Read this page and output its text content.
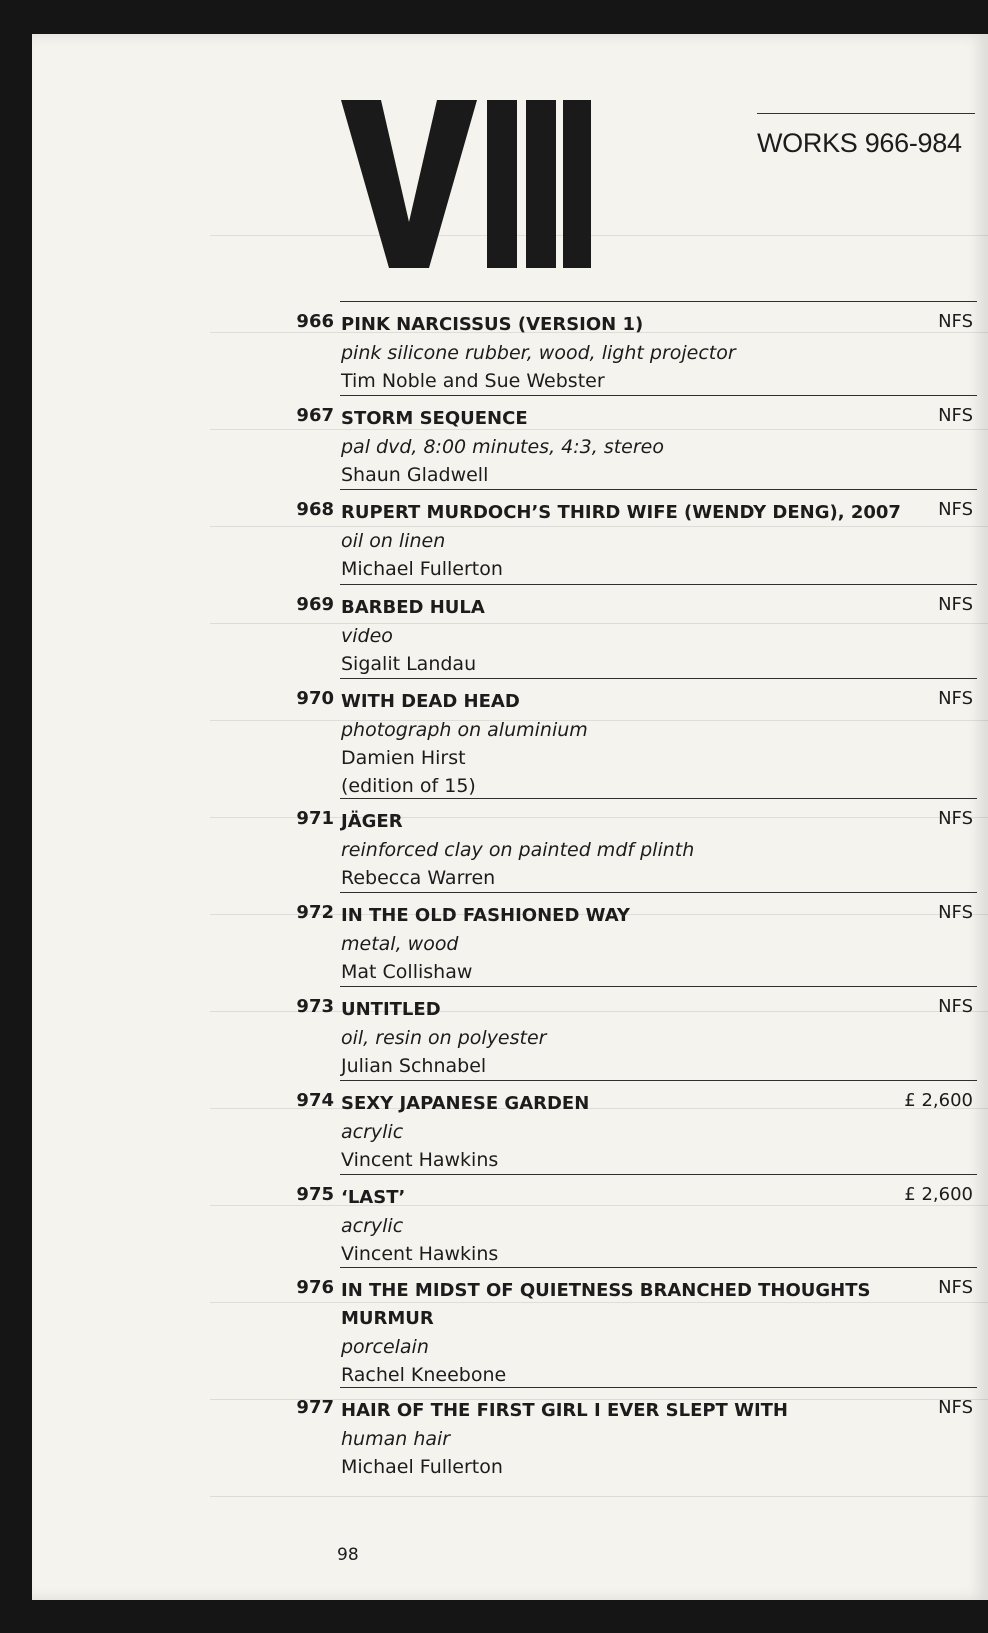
WORKS 966-984
966 PINK NARCISSUS (VERSION 1)
pink silicone rubber, wood, light projector
Tim Noble and Sue Webster
NFS
967 STORM SEQUENCE
pal dvd, 8:00 minutes, 4:3, stereo
Shaun Gladwell
NFS
968 RUPERT MURDOCH’S THIRD WIFE (WENDY DENG), 2007
oil on linen
Michael Fullerton
NFS
969 BARBED HULA
video
Sigalit Landau
NFS
970 WITH DEAD HEAD
photograph on aluminium
Damien Hirst
(edition of 15)
NFS
971 JÄGER
reinforced clay on painted mdf plinth
Rebecca Warren
NFS
972 IN THE OLD FASHIONED WAY
metal, wood
Mat Collishaw
NFS
973 UNTITLED
oil, resin on polyester
Julian Schnabel
NFS
974 SEXY JAPANESE GARDEN
acrylic
Vincent Hawkins
£ 2,600
975 ‘LAST’
acrylic
Vincent Hawkins
£ 2,600
976 IN THE MIDST OF QUIETNESS BRANCHED THOUGHTS MURMUR
porcelain
Rachel Kneebone
NFS
977 HAIR OF THE FIRST GIRL I EVER SLEPT WITH
human hair
Michael Fullerton
NFS
98
